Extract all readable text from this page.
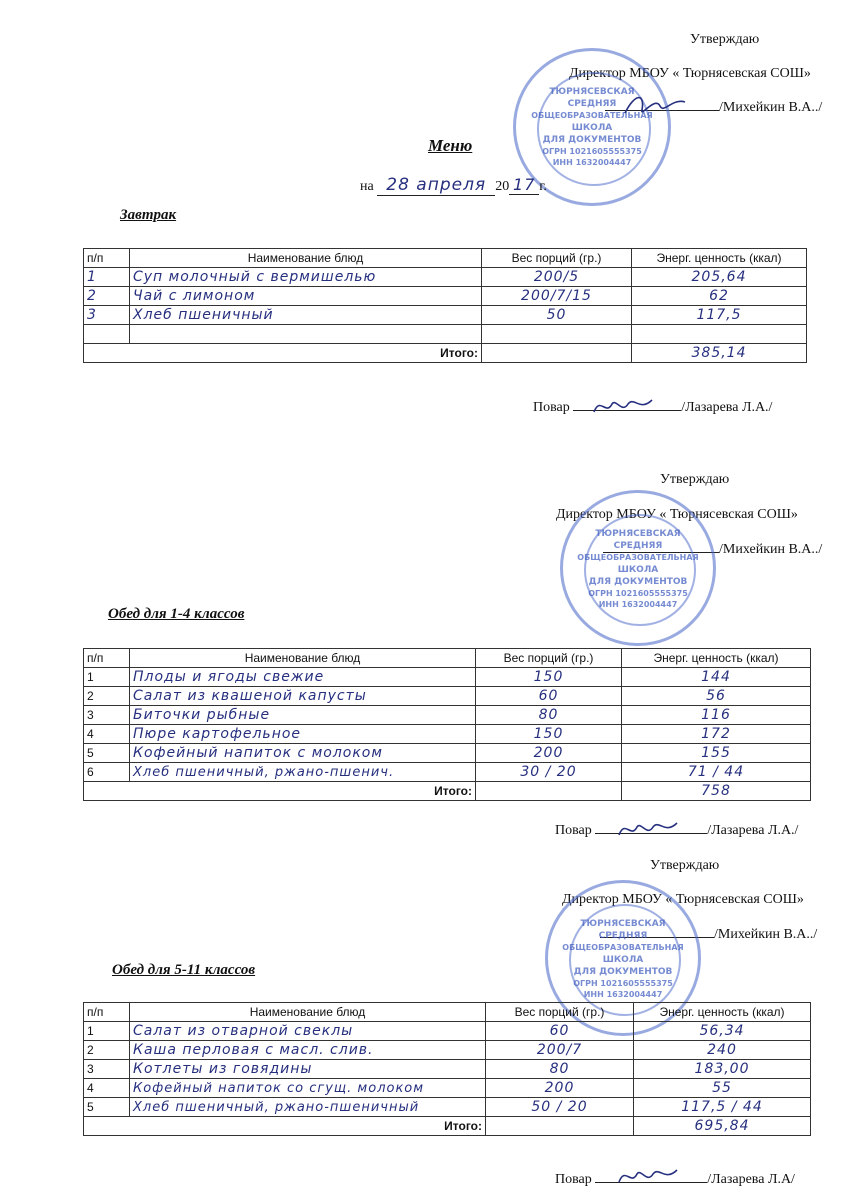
Утверждаю
Директор МБОУ « Тюрнясевская СОШ»
/Михейкин В.А../
ТЮРНЯСЕВСКАЯ
СРЕДНЯЯ
ОБЩЕОБРАЗОВАТЕЛЬНАЯ
ШКОЛА
ДЛЯ ДОКУМЕНТОВ
ОГРН 1021605555375
ИНН 1632004447
Меню
на 28 апреля 20 17 г.
Завтрак
п/п	Наименование блюд	Вес порций (гр.)	Энерг. ценность (ккал)
1	Суп молочный с вермишелью	200/5	205,64
2	Чай с лимоном	200/7/15	62
3	Хлеб пшеничный	50	117,5

Итого:			385,14
Повар	/Лазарева Л.А./
Утверждаю
Директор МБОУ « Тюрнясевская СОШ»
/Михейкин В.А../
ТЮРНЯСЕВСКАЯ
СРЕДНЯЯ
ОБЩЕОБРАЗОВАТЕЛЬНАЯ
ШКОЛА
ДЛЯ ДОКУМЕНТОВ
ОГРН 1021605555375
ИНН 1632004447
Обед для 1-4 классов
п/п	Наименование блюд	Вес порций (гр.)	Энерг. ценность (ккал)
1	Плоды и ягоды свежие	150	144
2	Салат из квашеной капусты	60	56
3	Биточки рыбные	80	116
4	Пюре картофельное	150	172
5	Кофейный напиток с молоком	200	155
6	Хлеб пшеничный, ржано-пшенич.	30 / 20	71 / 44
Итого:			758
Повар	/Лазарева Л.А./
Утверждаю
Директор МБОУ « Тюрнясевская СОШ»
/Михейкин В.А../
ТЮРНЯСЕВСКАЯ
СРЕДНЯЯ
ОБЩЕОБРАЗОВАТЕЛЬНАЯ
ШКОЛА
ДЛЯ ДОКУМЕНТОВ
ОГРН 1021605555375
ИНН 1632004447
Обед для 5-11 классов
п/п	Наименование блюд	Вес порций (гр.)	Энерг. ценность (ккал)
1	Салат из отварной свеклы	60	56,34
2	Каша перловая с масл. слив.	200/7	240
3	Котлеты из говядины	80	183,00
4	Кофейный напиток со сгущ. молоком	200	55
5	Хлеб пшеничный, ржано-пшеничный	50 / 20	117,5 / 44
Итого:			695,84
Повар	/Лазарева Л.А/
